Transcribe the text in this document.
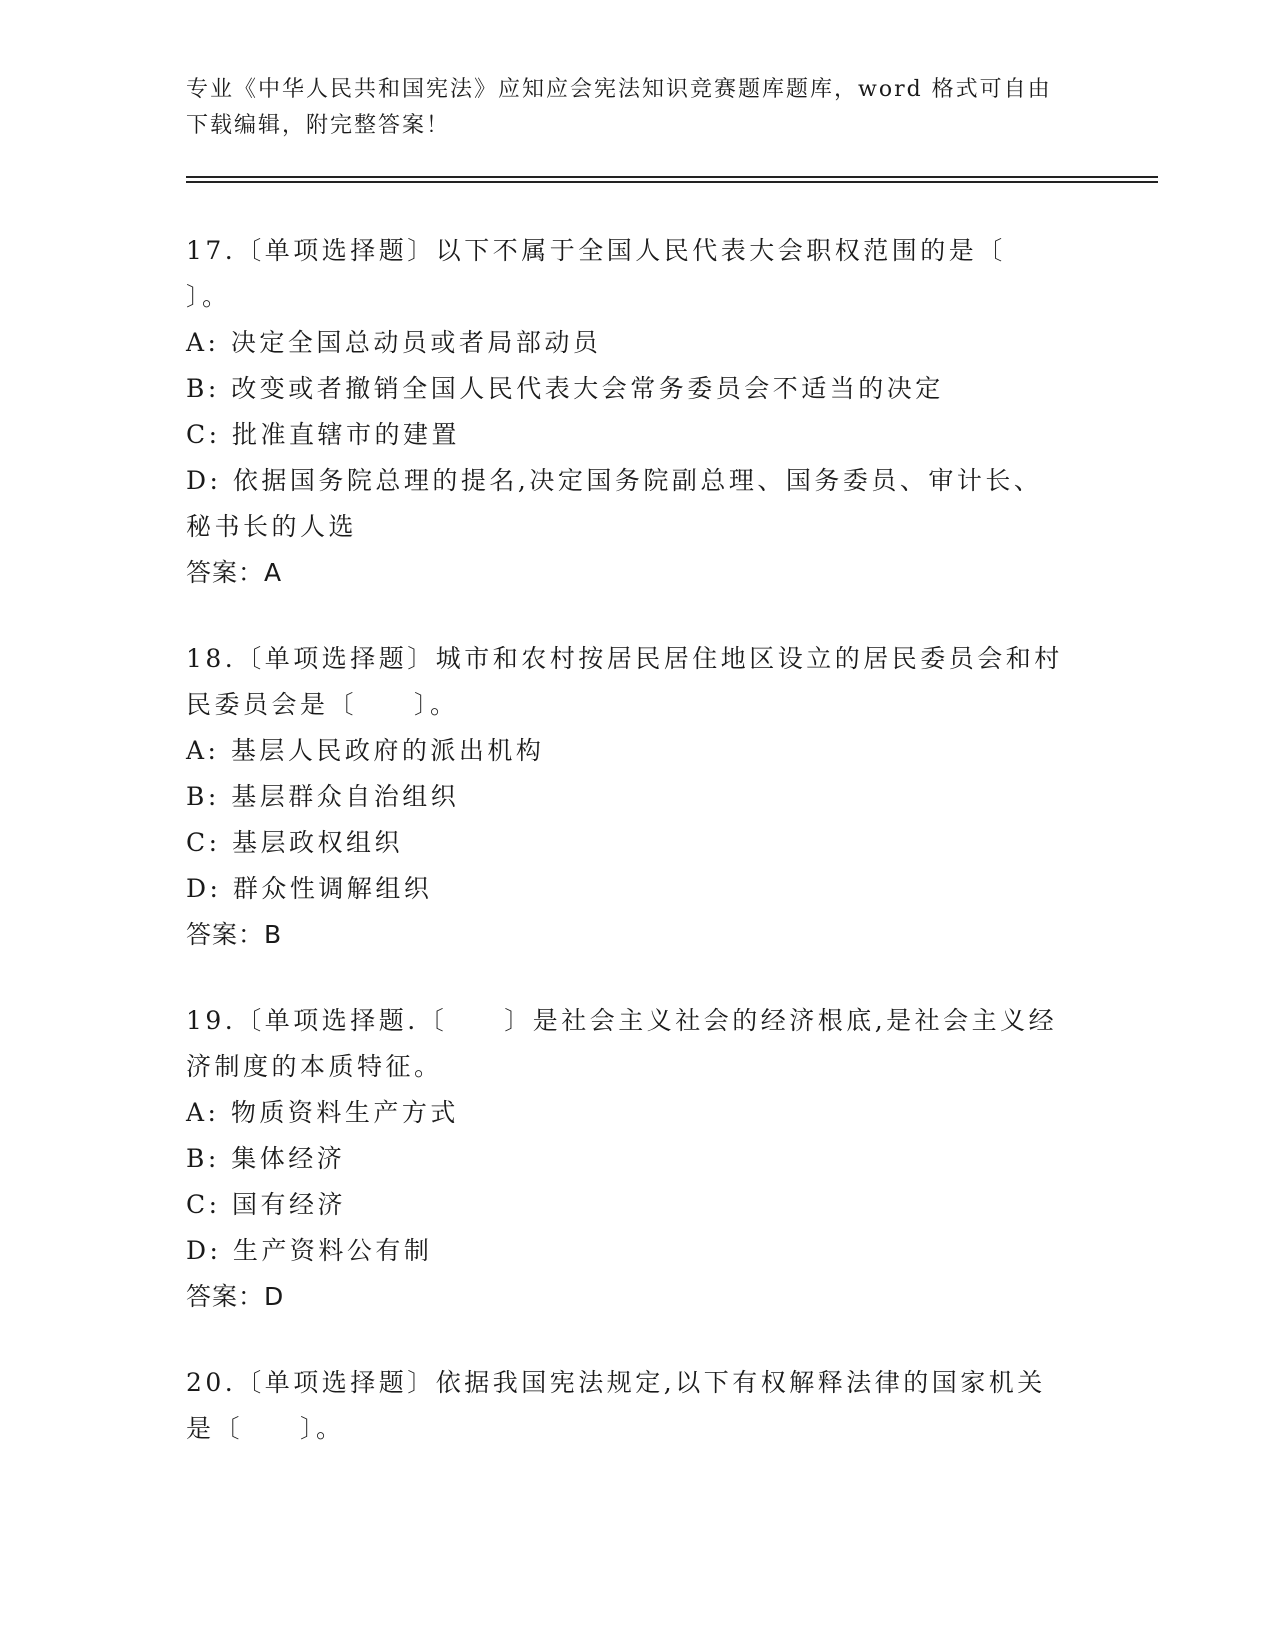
专业《中华人民共和国宪法》应知应会宪法知识竞赛题库题库，word 格式可自由
下载编辑，附完整答案！
17.〔单项选择题〕以下不属于全国人民代表大会职权范围的是〔
〕。
A: 决定全国总动员或者局部动员
B: 改变或者撤销全国人民代表大会常务委员会不适当的决定
C: 批准直辖市的建置
D: 依据国务院总理的提名,决定国务院副总理、国务委员、审计长、
秘书长的人选
答案：A
18.〔单项选择题〕城市和农村按居民居住地区设立的居民委员会和村
民委员会是〔　　〕。
A: 基层人民政府的派出机构
B: 基层群众自治组织
C: 基层政权组织
D: 群众性调解组织
答案：B
19.〔单项选择题.〔　　〕是社会主义社会的经济根底,是社会主义经
济制度的本质特征。
A: 物质资料生产方式
B: 集体经济
C: 国有经济
D: 生产资料公有制
答案：D
20.〔单项选择题〕依据我国宪法规定,以下有权解释法律的国家机关
是〔　　〕。
